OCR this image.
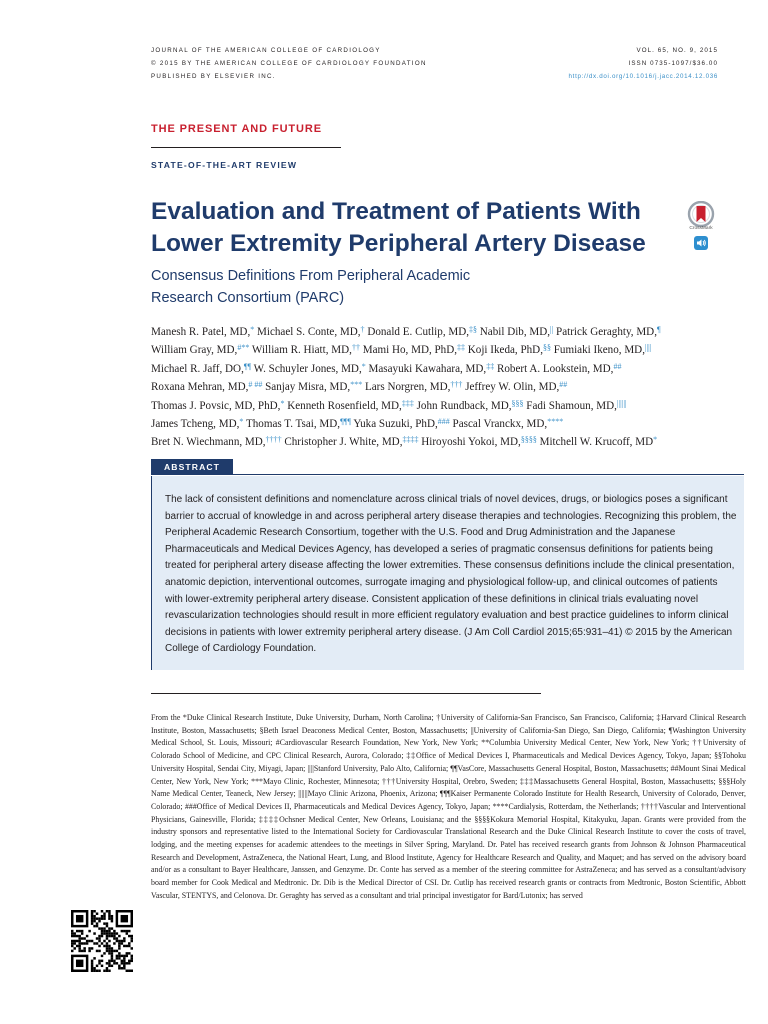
JOURNAL OF THE AMERICAN COLLEGE OF CARDIOLOGY
© 2015 BY THE AMERICAN COLLEGE OF CARDIOLOGY FOUNDATION
PUBLISHED BY ELSEVIER INC.
VOL. 65, NO. 9, 2015
ISSN 0735-1097/$36.00
http://dx.doi.org/10.1016/j.jacc.2014.12.036
THE PRESENT AND FUTURE
STATE-OF-THE-ART REVIEW
Evaluation and Treatment of Patients With
Lower Extremity Peripheral Artery Disease
Consensus Definitions From Peripheral Academic
Research Consortium (PARC)
CrossMark
Manesh R. Patel, MD,* Michael S. Conte, MD,† Donald E. Cutlip, MD,‡§ Nabil Dib, MD,|| Patrick Geraghty, MD,¶
William Gray, MD,#** William R. Hiatt, MD,†† Mami Ho, MD, PhD,‡‡ Koji Ikeda, PhD,§§ Fumiaki Ikeno, MD,||||
Michael R. Jaff, DO,¶¶ W. Schuyler Jones, MD,* Masayuki Kawahara, MD,‡‡ Robert A. Lookstein, MD,##
Roxana Mehran, MD,# ## Sanjay Misra, MD,*** Lars Norgren, MD,††† Jeffrey W. Olin, MD,##
Thomas J. Povsic, MD, PhD,* Kenneth Rosenfield, MD,‡‡‡ John Rundback, MD,§§§ Fadi Shamoun, MD,||||||
James Tcheng, MD,* Thomas T. Tsai, MD,¶¶¶ Yuka Suzuki, PhD,### Pascal Vranckx, MD,****
Bret N. Wiechmann, MD,†††† Christopher J. White, MD,‡‡‡‡ Hiroyoshi Yokoi, MD,§§§§ Mitchell W. Krucoff, MD*
ABSTRACT
The lack of consistent definitions and nomenclature across clinical trials of novel devices, drugs, or biologics poses a significant barrier to accrual of knowledge in and across peripheral artery disease therapies and technologies. Recognizing this problem, the Peripheral Academic Research Consortium, together with the U.S. Food and Drug Administration and the Japanese Pharmaceuticals and Medical Devices Agency, has developed a series of pragmatic consensus definitions for patients being treated for peripheral artery disease affecting the lower extremities. These consensus definitions include the clinical presentation, anatomic depiction, interventional outcomes, surrogate imaging and physiological follow-up, and clinical outcomes of patients with lower-extremity peripheral artery disease. Consistent application of these definitions in clinical trials evaluating novel revascularization technologies should result in more efficient regulatory evaluation and best practice guidelines to inform clinical decisions in patients with lower extremity peripheral artery disease. (J Am Coll Cardiol 2015;65:931–41) © 2015 by the American College of Cardiology Foundation.
From the *Duke Clinical Research Institute, Duke University, Durham, North Carolina; †University of California-San Francisco, San Francisco, California; ‡Harvard Clinical Research Institute, Boston, Massachusetts; §Beth Israel Deaconess Medical Center, Boston, Massachusetts; ||University of California-San Diego, San Diego, California; ¶Washington University Medical School, St. Louis, Missouri; #Cardiovascular Research Foundation, New York, New York; **Columbia University Medical Center, New York, New York; ††University of Colorado School of Medicine, and CPC Clinical Research, Aurora, Colorado; ‡‡Office of Medical Devices I, Pharmaceuticals and Medical Devices Agency, Tokyo, Japan; §§Tohoku University Hospital, Sendai City, Miyagi, Japan; ||||Stanford University, Palo Alto, California; ¶¶VasCore, Massachusetts General Hospital, Boston, Massachusetts; ##Mount Sinai Medical Center, New York, New York; ***Mayo Clinic, Rochester, Minnesota; †††University Hospital, Orebro, Sweden; ‡‡‡Massachusetts General Hospital, Boston, Massachusetts; §§§Holy Name Medical Center, Teaneck, New Jersey; ||||||Mayo Clinic Arizona, Phoenix, Arizona; ¶¶¶Kaiser Permanente Colorado Institute for Health Research, University of Colorado, Denver, Colorado; ###Office of Medical Devices II, Pharmaceuticals and Medical Devices Agency, Tokyo, Japan; ****Cardialysis, Rotterdam, the Netherlands; ††††Vascular and Interventional Physicians, Gainesville, Florida; ‡‡‡‡Ochsner Medical Center, New Orleans, Louisiana; and the §§§§Kokura Memorial Hospital, Kitakyuku, Japan. Grants were provided from the industry sponsors and representative listed to the International Society for Cardiovascular Translational Research and the Duke Clinical Research Institute to cover the costs of travel, lodging, and the meeting expenses for academic attendees to the meetings in Silver Spring, Maryland. Dr. Patel has received research grants from Johnson & Johnson Pharmaceutical Research and Development, AstraZeneca, the National Heart, Lung, and Blood Institute, Agency for Healthcare Research and Quality, and Maquet; and has served on the advisory board and/or as a consultant to Bayer Healthcare, Janssen, and Genzyme. Dr. Conte has served as a member of the steering committee for AstraZeneca; and has served as a consultant/advisory board member for Cook Medical and Medtronic. Dr. Dib is the Medical Director of CSI. Dr. Cutlip has received research grants or contracts from Medtronic, Boston Scientific, Abbott Vascular, STENTYS, and Celonova. Dr. Geraghty has served as a consultant and trial principal investigator for Bard/Lutonix; has served
